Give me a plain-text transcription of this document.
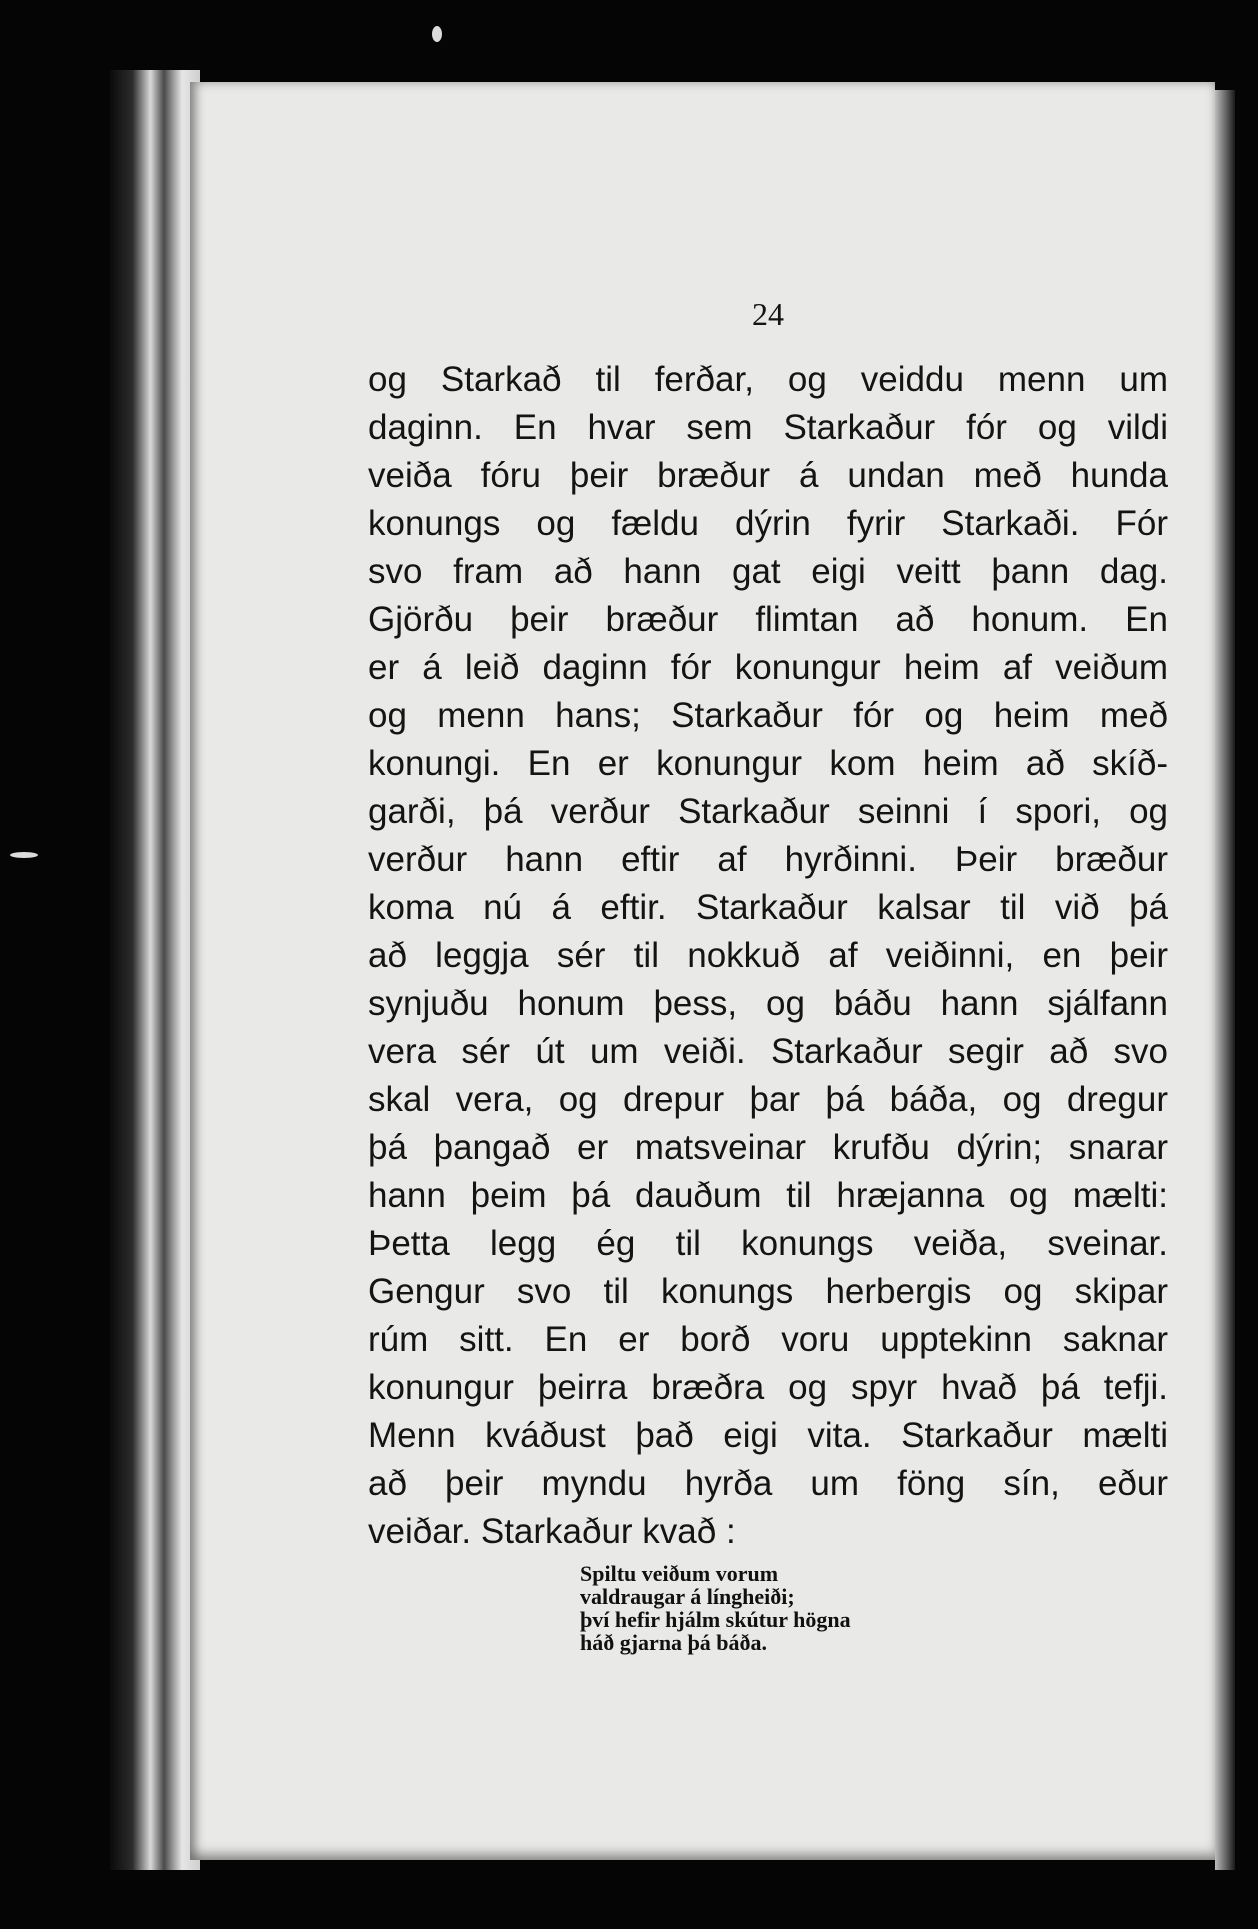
24
og Starkað til ferðar, og veiddu menn um
daginn. En hvar sem Starkaður fór og vildi
veiða fóru þeir bræður á undan með hunda
konungs og fældu dýrin fyrir Starkaði. Fór
svo fram að hann gat eigi veitt þann dag.
Gjörðu þeir bræður flimtan að honum. En
er á leið daginn fór konungur heim af veiðum
og menn hans; Starkaður fór og heim með
konungi. En er konungur kom heim að skíð-
garði, þá verður Starkaður seinni í spori, og
verður hann eftir af hyrðinni. Þeir bræður
koma nú á eftir. Starkaður kalsar til við þá
að leggja sér til nokkuð af veiðinni, en þeir
synjuðu honum þess, og báðu hann sjálfann
vera sér út um veiði. Starkaður segir að svo
skal vera, og drepur þar þá báða, og dregur
þá þangað er matsveinar krufðu dýrin; snarar
hann þeim þá dauðum til hræjanna og mælti:
Þetta legg ég til konungs veiða, sveinar.
Gengur svo til konungs herbergis og skipar
rúm sitt. En er borð voru upptekinn saknar
konungur þeirra bræðra og spyr hvað þá tefji.
Menn kváðust það eigi vita. Starkaður mælti
að þeir myndu hyrða um föng sín, eður
veiðar. Starkaður kvað :
Spiltu veiðum vorum
valdraugar á língheiði;
því hefir hjálm skútur högna
háð gjarna þá báða.
